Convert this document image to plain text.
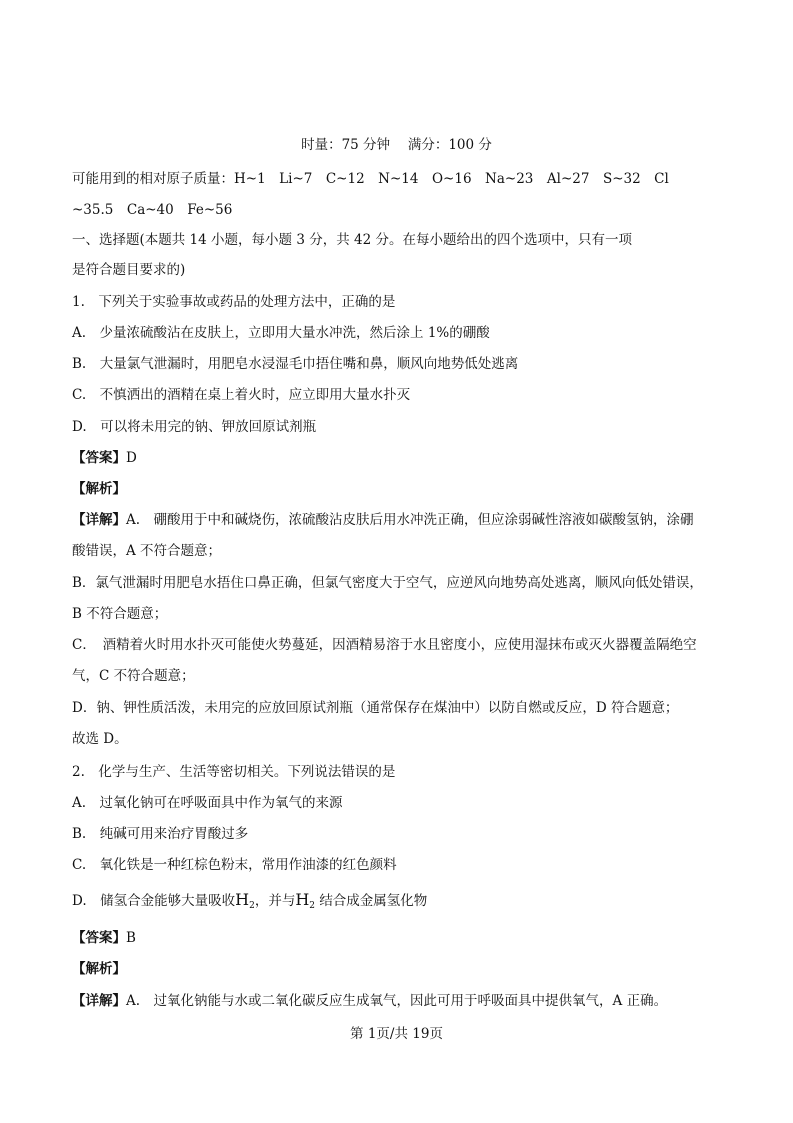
时量：75 分钟　 满分：100 分
可能用到的相对原子质量：H~1　Li~7　C~12　N~14　O~16　Na~23　Al~27　S~32　Cl
~35.5　Ca~40　Fe~56
一、选择题(本题共 14 小题，每小题 3 分，共 42 分。在每小题给出的四个选项中，只有一项
是符合题目要求的)
1.　下列关于实验事故或药品的处理方法中，正确的是
A.　少量浓硫酸沾在皮肤上，立即用大量水冲洗，然后涂上 1%的硼酸
B.　大量氯气泄漏时，用肥皂水浸湿毛巾捂住嘴和鼻，顺风向地势低处逃离
C.　不慎洒出的酒精在桌上着火时，应立即用大量水扑灭
D.　可以将未用完的钠、钾放回原试剂瓶
【答案】D
【解析】
【详解】A.　硼酸用于中和碱烧伤，浓硫酸沾皮肤后用水冲洗正确，但应涂弱碱性溶液如碳酸氢钠，涂硼
酸错误，A 不符合题意；
B．氯气泄漏时用肥皂水捂住口鼻正确，但氯气密度大于空气，应逆风向地势高处逃离，顺风向低处错误，
B 不符合题意；
C．　酒精着火时用水扑灭可能使火势蔓延，因酒精易溶于水且密度小，应使用湿抹布或灭火器覆盖隔绝空
气，C 不符合题意；
D．钠、钾性质活泼，未用完的应放回原试剂瓶（通常保存在煤油中）以防自燃或反应，D 符合题意；
故选 D。
2.　化学与生产、生活等密切相关。下列说法错误的是
A.　过氧化钠可在呼吸面具中作为氧气的来源
B.　纯碱可用来治疗胃酸过多
C.　氧化铁是一种红棕色粉末，常用作油漆的红色颜料
D.　储氢合金能够大量吸收$H_2$，并与$H_2$ 结合成金属氢化物
【答案】B
【解析】
【详解】A.　过氧化钠能与水或二氧化碳反应生成氧气，因此可用于呼吸面具中提供氧气，A 正确。
第 1页/共 19页
